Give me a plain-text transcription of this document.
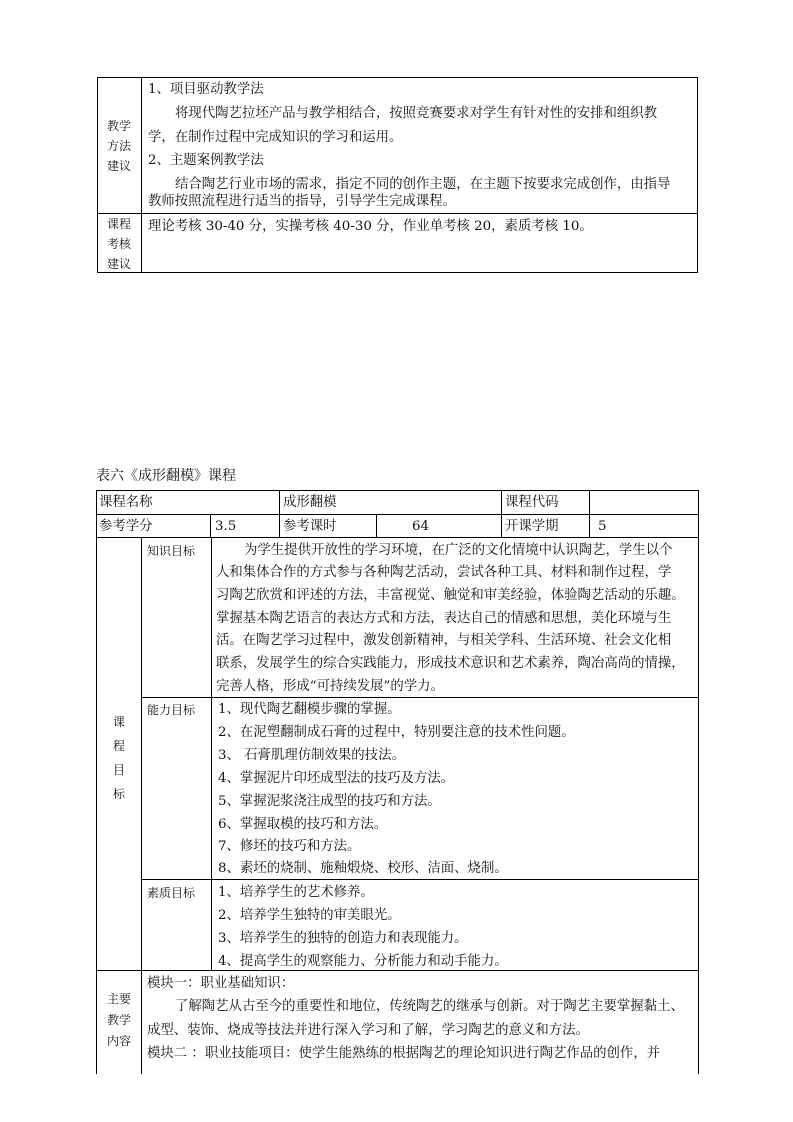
教学
方法
建议
1、项目驱动教学法
将现代陶艺拉坯产品与教学相结合，按照竞赛要求对学生有针对性的安排和组织教
学，在制作过程中完成知识的学习和运用。
2、主题案例教学法
结合陶艺行业市场的需求，指定不同的创作主题，在主题下按要求完成创作，由指导
教师按照流程进行适当的指导，引导学生完成课程。
课程
考核
建议
理论考核 30-40 分，实操考核 40-30 分，作业单考核 20，素质考核 10。
表六《成形翻模》课程
课程名称	成形翻模	课程代码
参考学分	3.5	参考课时	64	开课学期	5
课
程
目
标
知识目标	为学生提供开放性的学习环境，在广泛的文化情境中认识陶艺，学生以个
人和集体合作的方式参与各种陶艺活动，尝试各种工具、材料和制作过程，学
习陶艺欣赏和评述的方法，丰富视觉、触觉和审美经验，体验陶艺活动的乐趣。
掌握基本陶艺语言的表达方式和方法，表达自己的情感和思想，美化环境与生
活。在陶艺学习过程中，激发创新精神，与相关学科、生活环境、社会文化相
联系，发展学生的综合实践能力，形成技术意识和艺术素养，陶冶高尚的情操，
完善人格，形成“可持续发展”的学力。
能力目标 1、现代陶艺翻模步骤的掌握。
2、在泥塑翻制成石膏的过程中，特别要注意的技术性问题。
3、 石膏肌理仿制效果的技法。
4、掌握泥片印坯成型法的技巧及方法。
5、掌握泥浆浇注成型的技巧和方法。
6、掌握取模的技巧和方法。
7、修坯的技巧和方法。
8、素坯的烧制、施釉煅烧、校形、洁面、烧制。
素质目标 1、培养学生的艺术修养。
2、培养学生独特的审美眼光。
3、培养学生的独特的创造力和表现能力。
4、提高学生的观察能力、分析能力和动手能力。
主要
教学
内容
模块一：职业基础知识：
了解陶艺从古至今的重要性和地位，传统陶艺的继承与创新。对于陶艺主要掌握黏土、
成型、装饰、烧成等技法并进行深入学习和了解，学习陶艺的意义和方法。
模块二 ：职业技能项目：使学生能熟练的根据陶艺的理论知识进行陶艺作品的创作，并
